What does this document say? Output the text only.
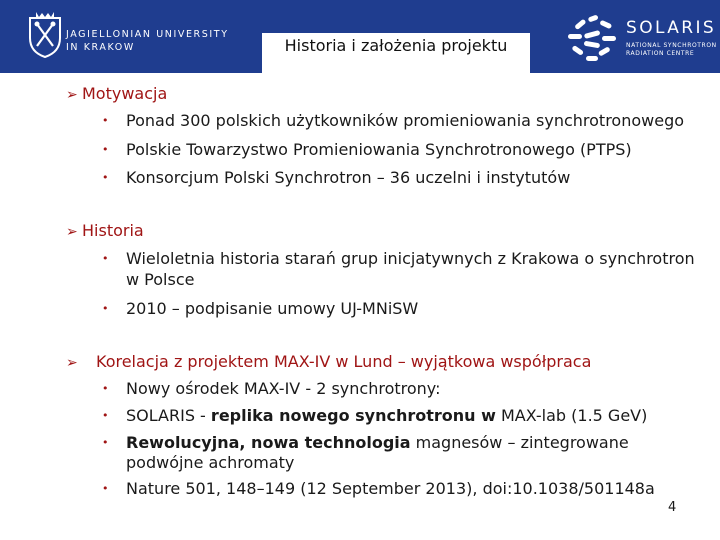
JAGIELLONIAN UNIVERSITY
IN KRAKOW
SOLARIS
NATIONAL SYNCHROTRON
RADIATION CENTRE
Historia i założenia projektu
➢ Motywacja
• Ponad 300 polskich użytkowników promieniowania synchrotronowego
• Polskie Towarzystwo Promieniowania Synchrotronowego (PTPS)
• Konsorcjum Polski Synchrotron – 36 uczelni i instytutów
➢ Historia
• Wieloletnia historia starań grup inicjatywnych z Krakowa o synchrotron
w Polsce
• 2010 – podpisanie umowy UJ-MNiSW
➢ Korelacja z projektem MAX-IV w Lund – wyjątkowa współpraca
• Nowy ośrodek MAX-IV - 2 synchrotrony:
• SOLARIS - replika nowego synchrotronu w MAX-lab (1.5 GeV)
• Rewolucyjna, nowa technologia magnesów – zintegrowane
podwójne achromaty
• Nature 501, 148–149 (12 September 2013), doi:10.1038/501148a
4
